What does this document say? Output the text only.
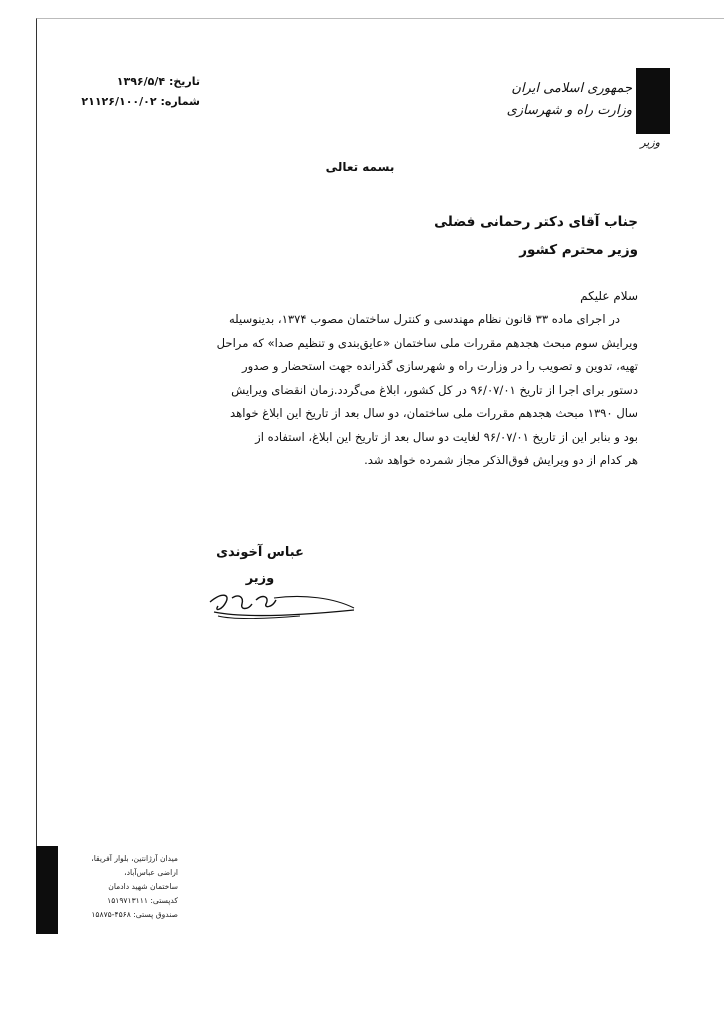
جمهوری اسلامی ایران
وزارت راه و شهرسازی
وزیر
تاریخ: ۱۳۹۶/۵/۴
شماره: ۲۱۱۲۶/۱۰۰/۰۲
بسمه تعالی
جناب آقای دکتر رحمانی فضلی
وزیر محترم کشور
سلام علیکم
در اجرای ماده ۳۳ قانون نظام مهندسی و کنترل ساختمان مصوب ۱۳۷۴، بدینوسیله
ویرایش سوم مبحث هجدهم مقررات ملی ساختمان «عایق‌بندی و تنظیم صدا» که مراحل
تهیه، تدوین و تصویب را در وزارت راه و شهرسازی گذرانده جهت استحضار و صدور
دستور برای اجرا از تاریخ ۹۶/۰۷/۰۱ در کل کشور، ابلاغ می‌گردد.زمان انقضای ویرایش
سال ۱۳۹۰ مبحث هجدهم مقررات ملی ساختمان، دو سال بعد از تاریخ این ابلاغ خواهد
بود و بنابر این از تاریخ ۹۶/۰۷/۰۱ لغایت دو سال بعد از تاریخ این ابلاغ، استفاده از
هر کدام از دو ویرایش فوق‌الذکر مجاز شمرده خواهد شد.
عباس آخوندی
وزیر
میدان آرژانتین، بلوار آفریقا،
اراضی عباس‌آباد،
ساختمان شهید دادمان
کدپستی: ۱۵۱۹۷۱۳۱۱۱
صندوق پستی: ۴۵۶۸-۱۵۸۷۵
